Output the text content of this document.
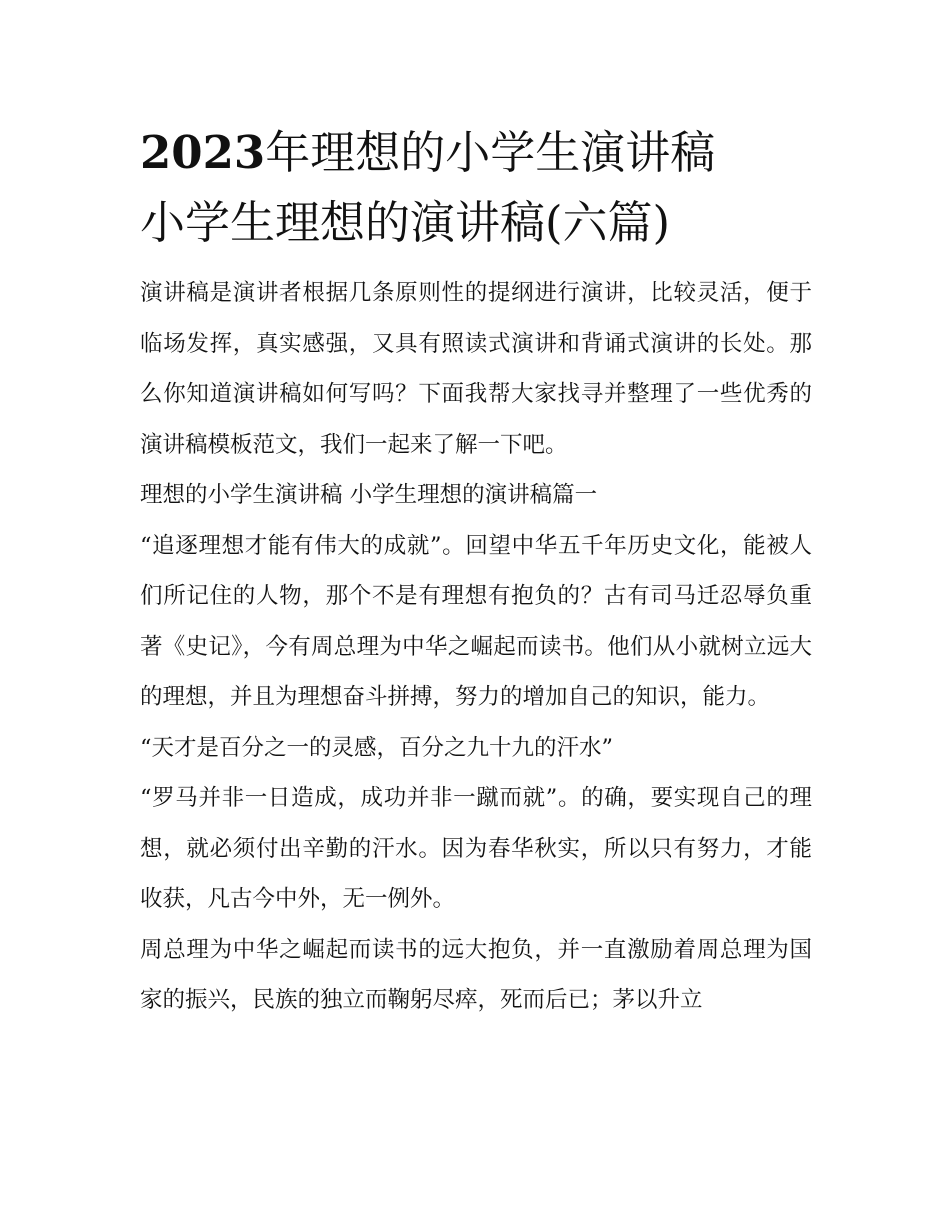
2023年理想的小学生演讲稿
小学生理想的演讲稿(六篇)

演讲稿是演讲者根据几条原则性的提纲进行演讲，比较灵活，便于临场发挥，真实感强，又具有照读式演讲和背诵式演讲的长处。那么你知道演讲稿如何写吗？下面我帮大家找寻并整理了一些优秀的演讲稿模板范文，我们一起来了解一下吧。

理想的小学生演讲稿 小学生理想的演讲稿篇一

“追逐理想才能有伟大的成就”。回望中华五千年历史文化，能被人们所记住的人物，那个不是有理想有抱负的？古有司马迁忍辱负重著《史记》，今有周总理为中华之崛起而读书。他们从小就树立远大的理想，并且为理想奋斗拼搏，努力的增加自己的知识，能力。

“天才是百分之一的灵感，百分之九十九的汗水”

“罗马并非一日造成，成功并非一蹴而就”。的确，要实现自己的理想，就必须付出辛勤的汗水。因为春华秋实，所以只有努力，才能收获，凡古今中外，无一例外。

周总理为中华之崛起而读书的远大抱负，并一直激励着周总理为国家的振兴，民族的独立而鞠躬尽瘁，死而后已；茅以升立
